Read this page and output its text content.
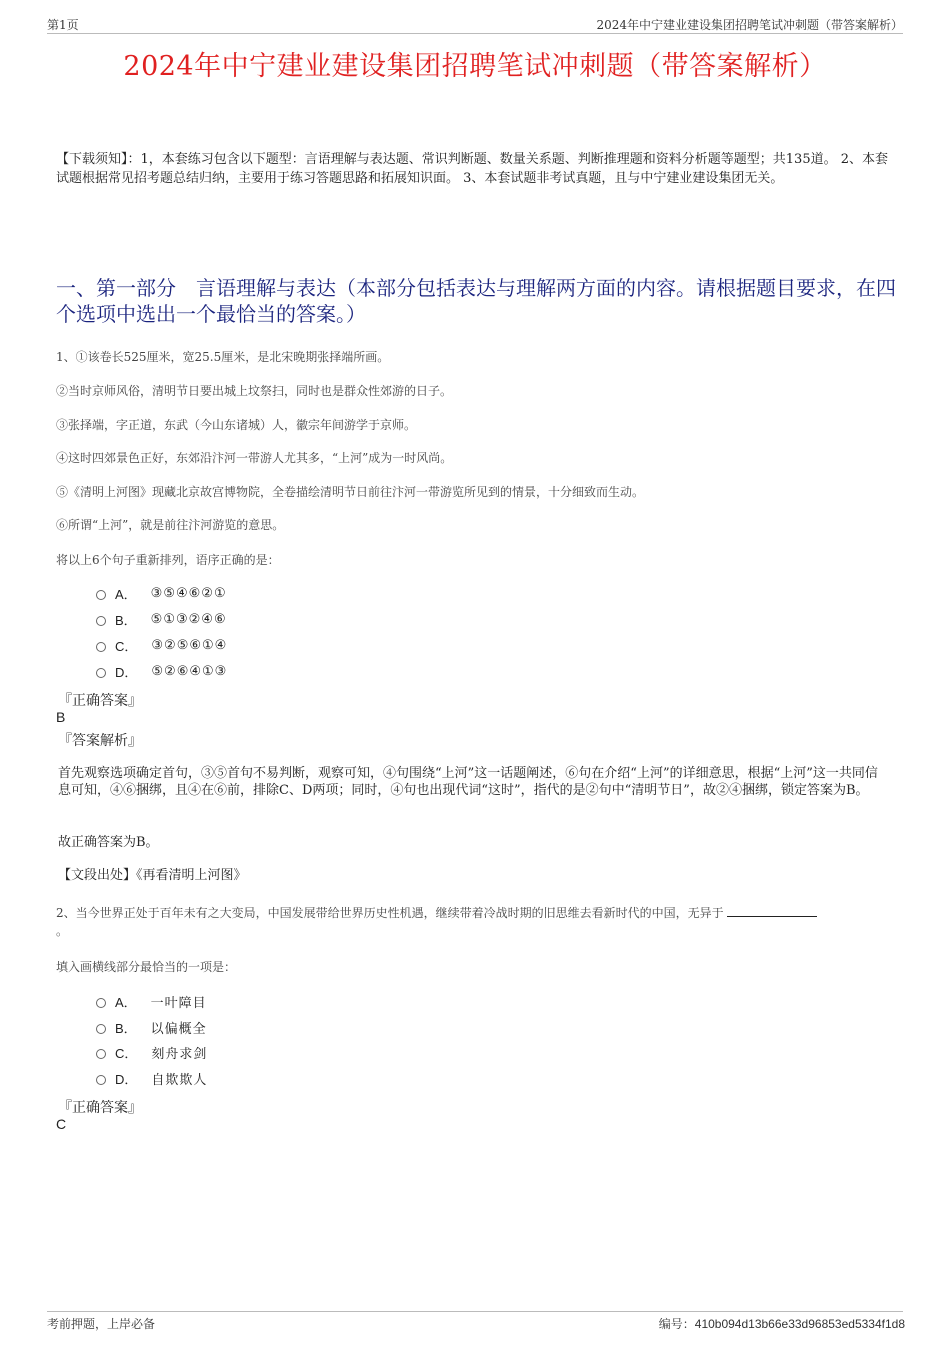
第1页	2024年中宁建业建设集团招聘笔试冲刺题（带答案解析）
2024年中宁建业建设集团招聘笔试冲刺题（带答案解析）
【下载须知】：1，本套练习包含以下题型：言语理解与表达题、常识判断题、数量关系题、判断推理题和资料分析题等题型；共135道。 2、本套试题根据常见招考题总结归纳，主要用于练习答题思路和拓展知识面。 3、本套试题非考试真题，且与中宁建业建设集团无关。
一、第一部分　言语理解与表达（本部分包括表达与理解两方面的内容。请根据题目要求，在四个选项中选出一个最恰当的答案。）
1、①该卷长525厘米，宽25.5厘米，是北宋晚期张择端所画。
②当时京师风俗，清明节日要出城上坟祭扫，同时也是群众性郊游的日子。
③张择端，字正道，东武（今山东诸城）人，徽宗年间游学于京师。
④这时四郊景色正好，东郊沿汴河一带游人尤其多，“上河”成为一时风尚。
⑤《清明上河图》现藏北京故宫博物院，全卷描绘清明节日前往汴河一带游览所见到的情景，十分细致而生动。
⑥所谓“上河”，就是前往汴河游览的意思。
将以上6个句子重新排列，语序正确的是：
A． ③⑤④⑥②①
B． ⑤①③②④⑥
C． ③②⑤⑥①④
D． ⑤②⑥④①③
『正确答案』
B
『答案解析』
首先观察选项确定首句，③⑤首句不易判断，观察可知，④句围绕“上河”这一话题阐述，⑥句在介绍“上河”的详细意思，根据“上河”这一共同信息可知，④⑥捆绑，且④在⑥前，排除C、D两项；同时，④句也出现代词“这时”，指代的是②句中“清明节日”，故②④捆绑，锁定答案为B。
故正确答案为B。
【文段出处】《再看清明上河图》
2、当今世界正处于百年未有之大变局，中国发展带给世界历史性机遇，继续带着冷战时期的旧思维去看新时代的中国，无异于
。
填入画横线部分最恰当的一项是：
A． 一叶障目
B． 以偏概全
C． 刻舟求剑
D． 自欺欺人
『正确答案』
C
考前押题，上岸必备	编号：410b094d13b66e33d96853ed5334f1d8
